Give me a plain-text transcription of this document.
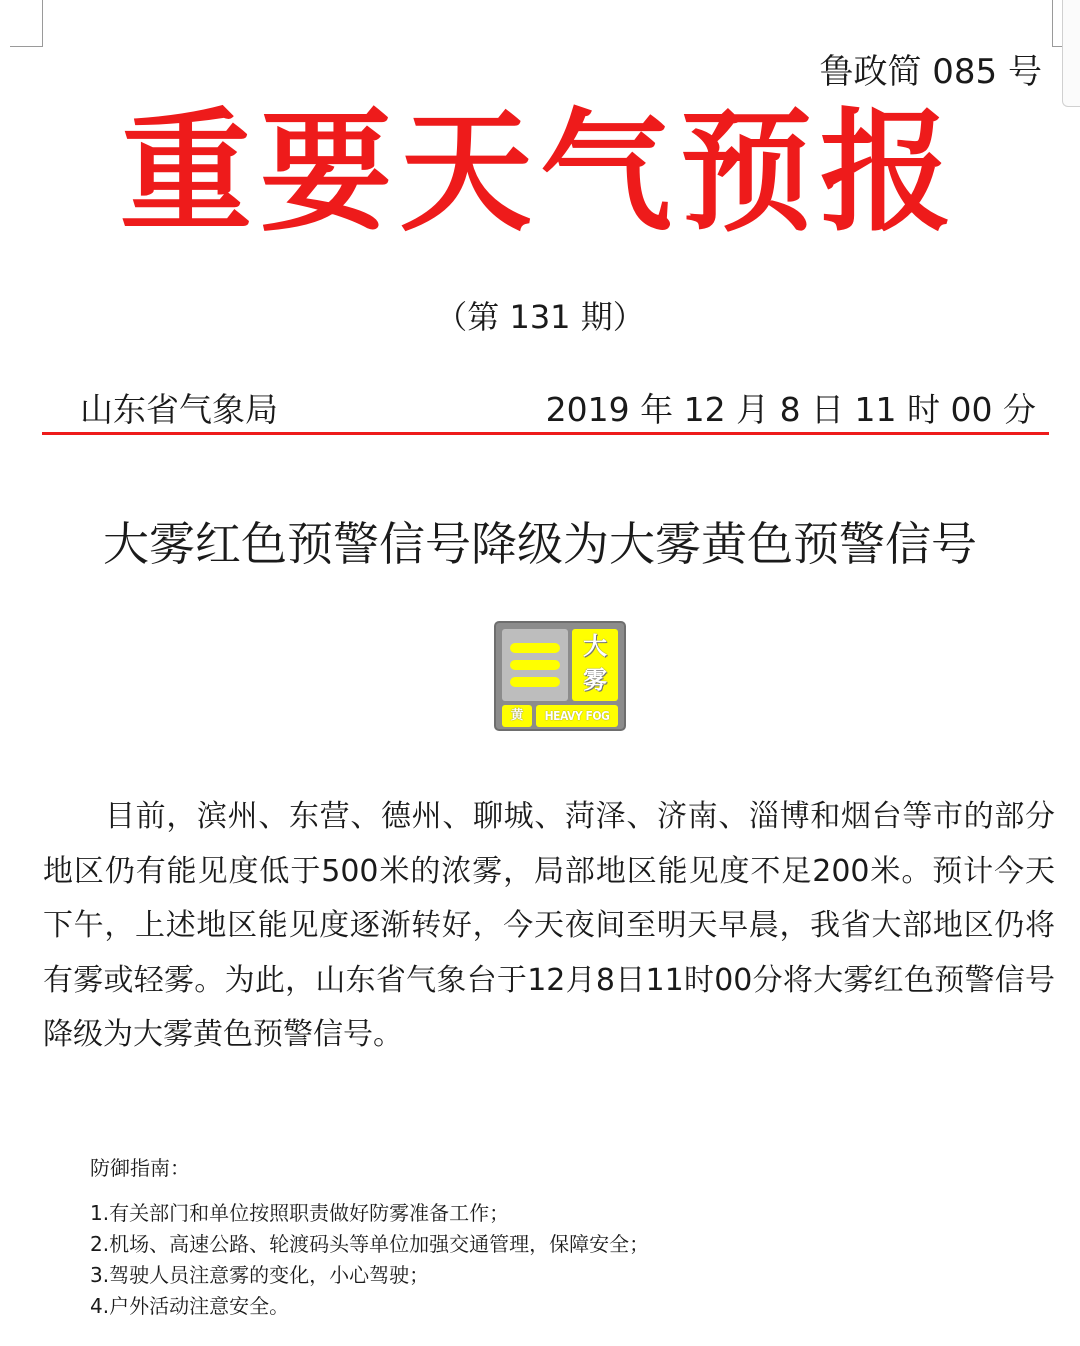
鲁政简 085 号
重要天气预报
（第 131 期）
山东省气象局	2019 年 12 月 8 日 11 时 00 分
大雾红色预警信号降级为大雾黄色预警信号
大
雾
黄	HEAVY FOG

目前，滨州、东营、德州、聊城、菏泽、济南、淄博和烟台等市的部分地区仍有能见度低于500米的浓雾，局部地区能见度不足200米。预计今天下午，上述地区能见度逐渐转好，今天夜间至明天早晨，我省大部地区仍将有雾或轻雾。为此，山东省气象台于12月8日11时00分将大雾红色预警信号降级为大雾黄色预警信号。

防御指南：
1.有关部门和单位按照职责做好防雾准备工作；
2.机场、高速公路、轮渡码头等单位加强交通管理，保障安全；
3.驾驶人员注意雾的变化，小心驾驶；
4.户外活动注意安全。
